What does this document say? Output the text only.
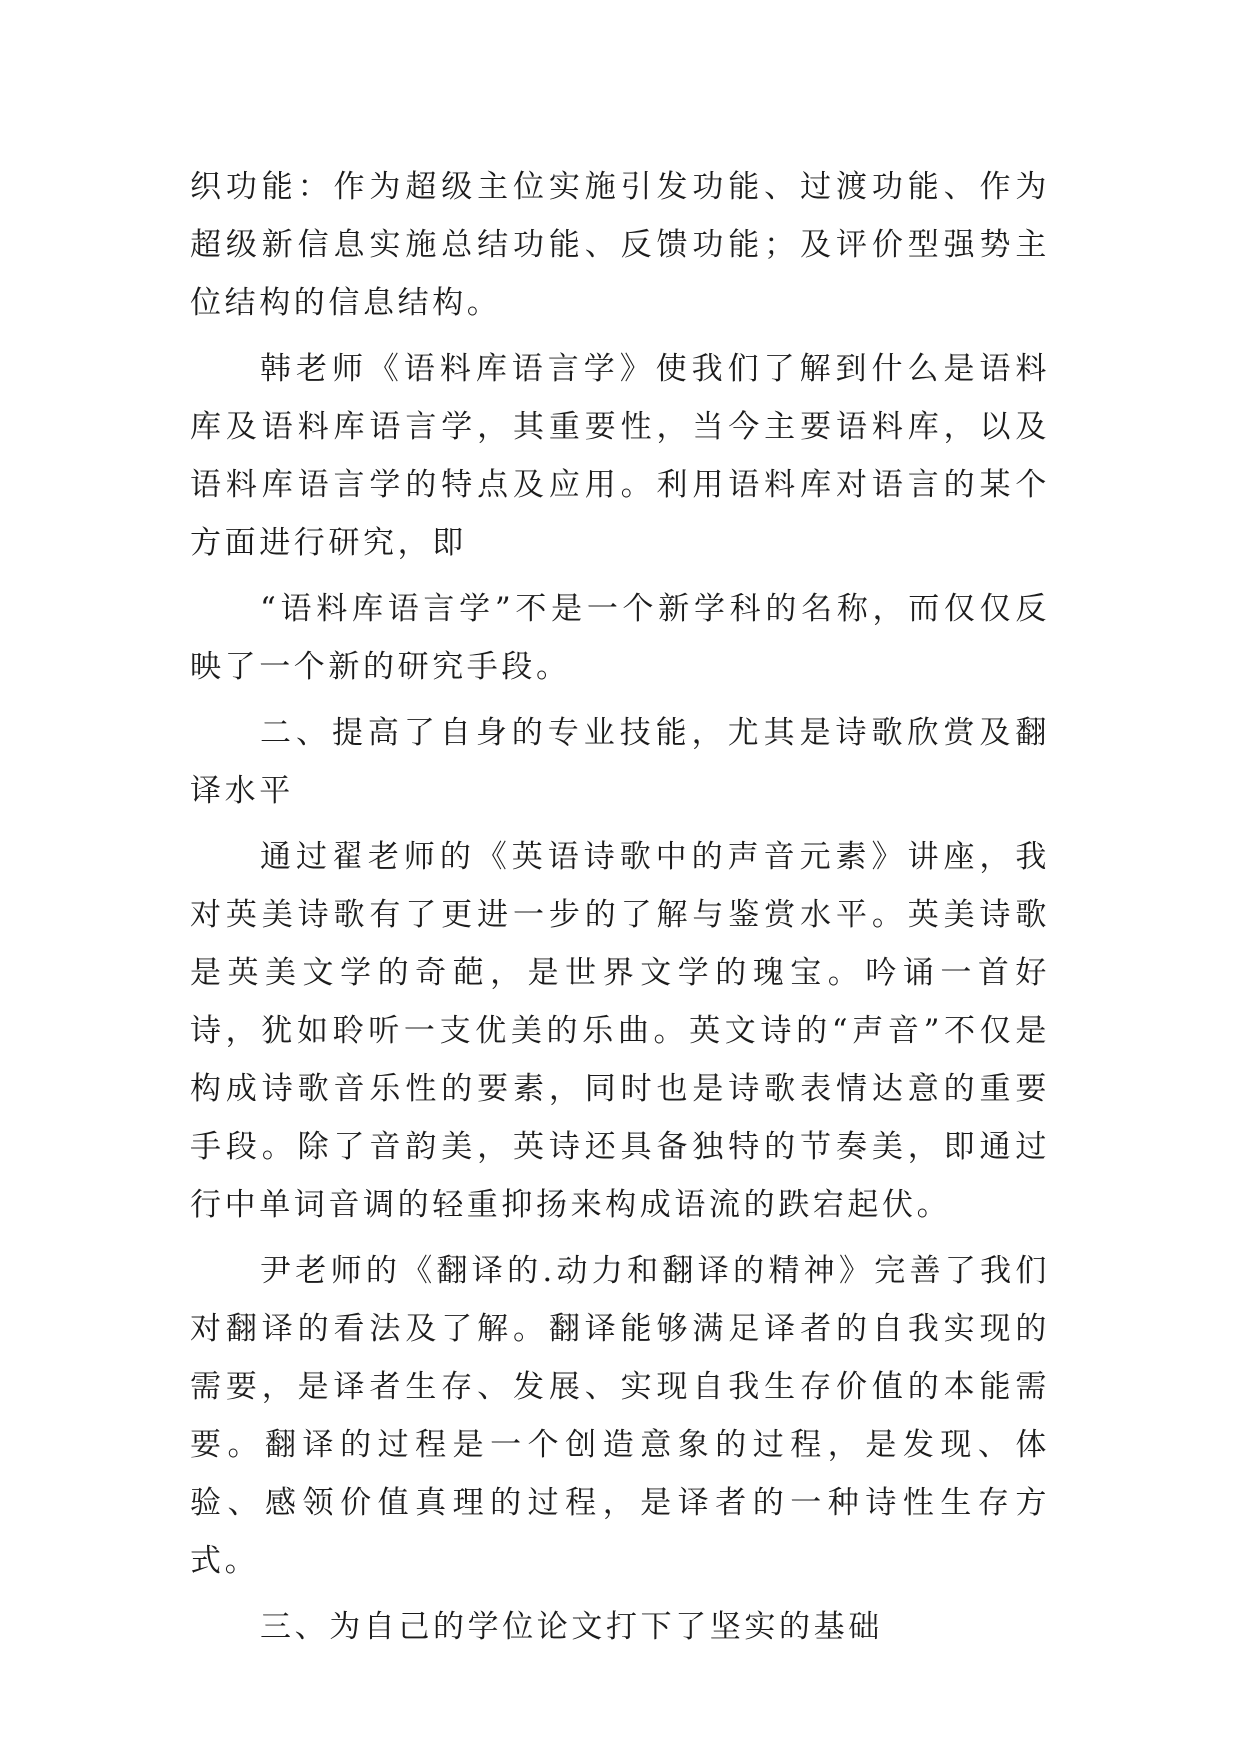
织功能：作为超级主位实施引发功能、过渡功能、作为超级新信息实施总结功能、反馈功能；及评价型强势主位结构的信息结构。

韩老师《语料库语言学》使我们了解到什么是语料库及语料库语言学，其重要性，当今主要语料库，以及语料库语言学的特点及应用。利用语料库对语言的某个方面进行研究，即

“语料库语言学”不是一个新学科的名称，而仅仅反映了一个新的研究手段。

二、提高了自身的专业技能，尤其是诗歌欣赏及翻译水平

通过翟老师的《英语诗歌中的声音元素》讲座，我对英美诗歌有了更进一步的了解与鉴赏水平。英美诗歌是英美文学的奇葩，是世界文学的瑰宝。吟诵一首好诗，犹如聆听一支优美的乐曲。英文诗的“声音”不仅是构成诗歌音乐性的要素，同时也是诗歌表情达意的重要手段。除了音韵美，英诗还具备独特的节奏美，即通过行中单词音调的轻重抑扬来构成语流的跌宕起伏。

尹老师的《翻译的.动力和翻译的精神》完善了我们对翻译的看法及了解。翻译能够满足译者的自我实现的需要，是译者生存、发展、实现自我生存价值的本能需要。翻译的过程是一个创造意象的过程，是发现、体验、感领价值真理的过程，是译者的一种诗性生存方式。

三、为自己的学位论文打下了坚实的基础
